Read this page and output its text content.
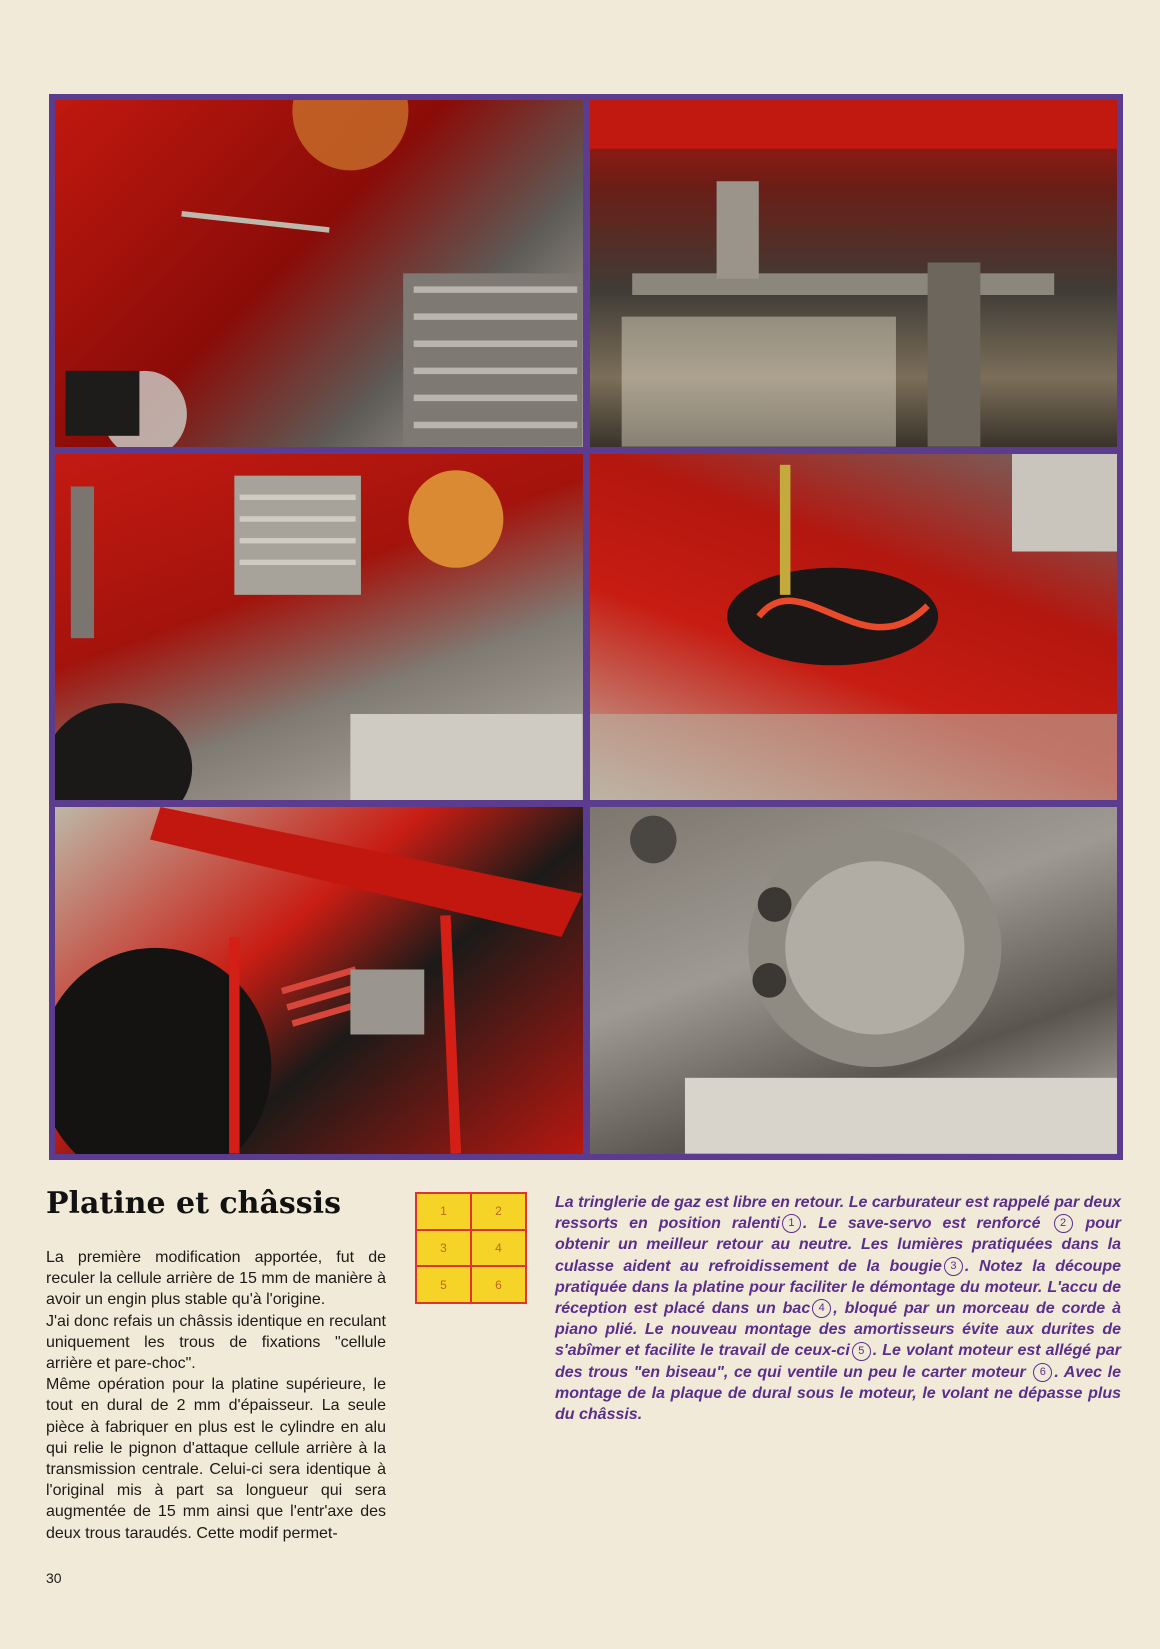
Platine et châssis

La première modification apportée, fut de reculer la cellule arrière de 15 mm de manière à avoir un engin plus stable qu'à l'origine.

J'ai donc refais un châssis identique en reculant uniquement les trous de fixations "cellule arrière et pare-choc".

Même opération pour la platine supérieure, le tout en dural de 2 mm d'épaisseur. La seule pièce à fabriquer en plus est le cylindre en alu qui relie le pignon d'attaque cellule arrière à la transmission centrale. Celui-ci sera identique à l'original mis à part sa longueur qui sera augmentée de 15 mm ainsi que l'entr'axe des deux trous taraudés. Cette modif permet-

1	2
3	4
5	6
La tringlerie de gaz est libre en retour. Le carburateur est rappelé par deux ressorts en position ralenti 1 . Le save-servo est renforcé 2 pour obtenir un meilleur retour au neutre. Les lumières pratiquées dans la culasse aident au refroidissement de la bougie 3 . Notez la découpe pratiquée dans la platine pour faciliter le démontage du moteur. L'accu de réception est placé dans un bac 4 , bloqué par un morceau de corde à piano plié. Le nouveau montage des amortisseurs évite aux durites de s'abîmer et facilite le travail de ceux-ci 5 . Le volant moteur est allégé par des trous "en biseau", ce qui ventile un peu le carter moteur 6 . Avec le montage de la plaque de dural sous le moteur, le volant ne dépasse plus du châssis.
30
